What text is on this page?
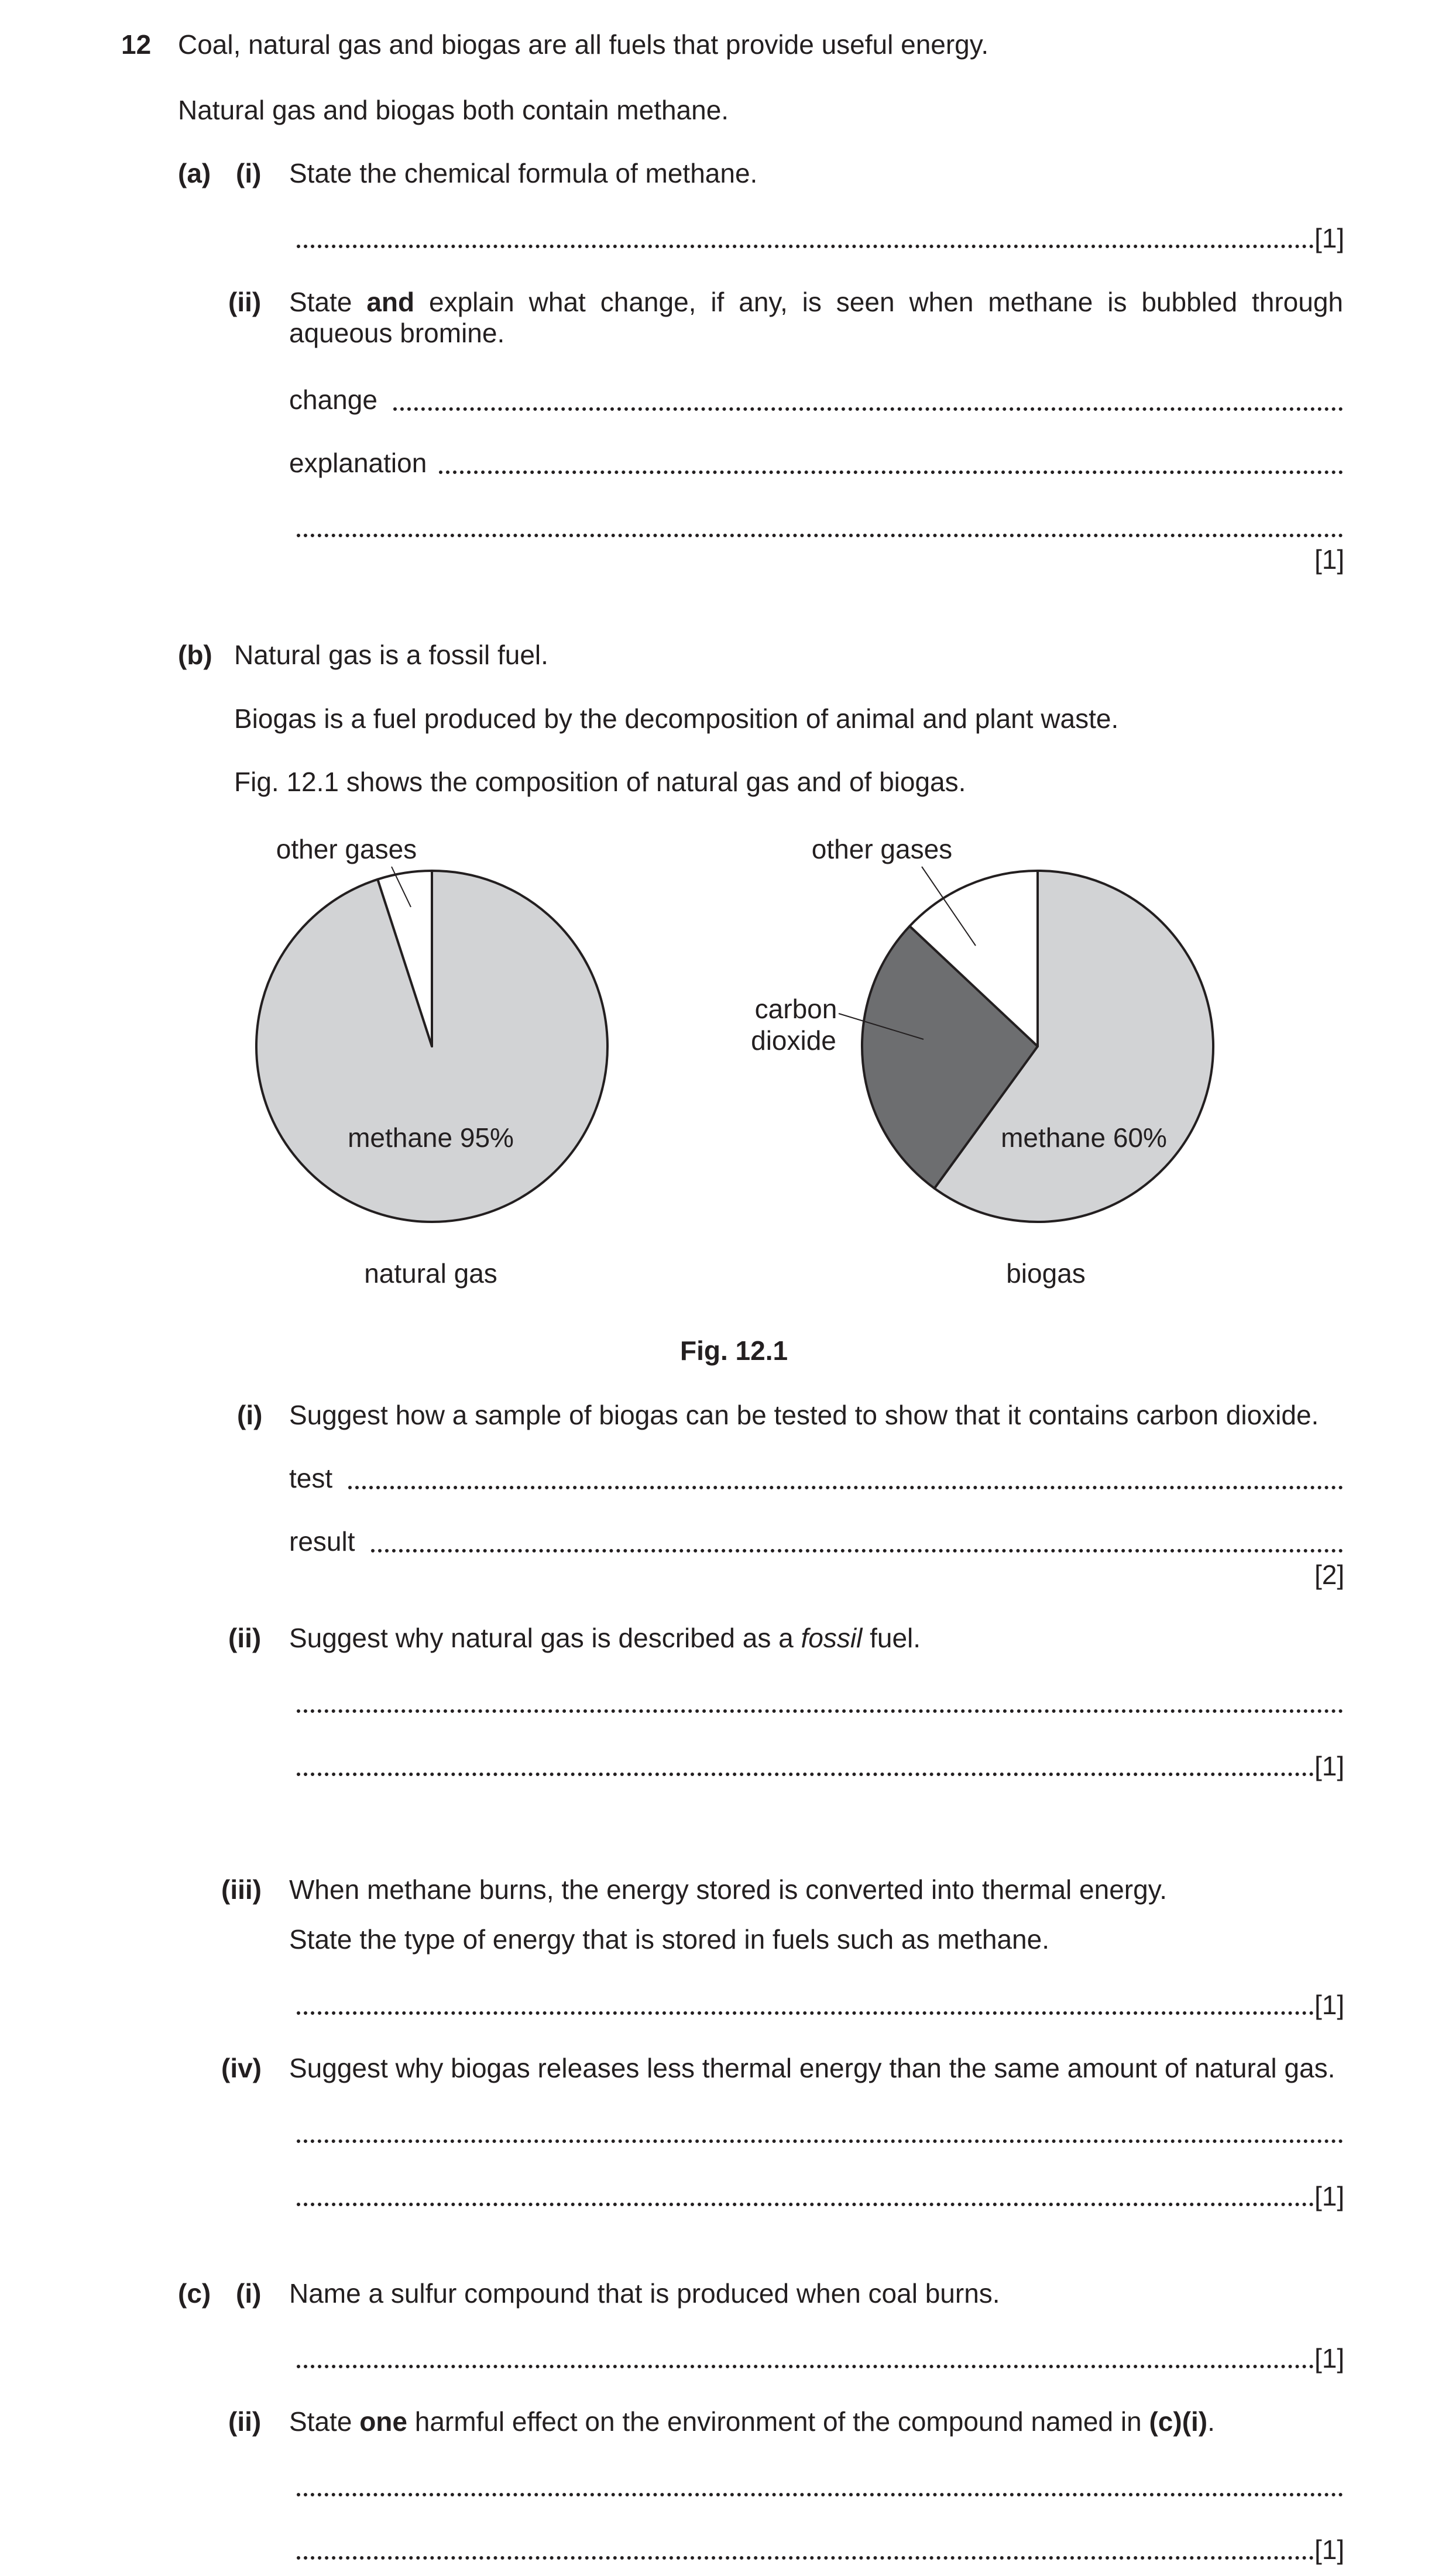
12 Coal, natural gas and biogas are all fuels that provide useful energy.
Natural gas and biogas both contain methane.
(a) (i) State the chemical formula of methane.
[1]
(ii) State and explain what change, if any, is seen when methane is bubbled through aqueous bromine.
change
explanation
[1]
(b) Natural gas is a fossil fuel.
Biogas is a fuel produced by the decomposition of animal and plant waste.
Fig. 12.1 shows the composition of natural gas and of biogas.
other gases
methane 95%
natural gas
other gases
carbon
dioxide
methane 60%
biogas
Fig. 12.1
(i) Suggest how a sample of biogas can be tested to show that it contains carbon dioxide.
test
result
[2]
(ii) Suggest why natural gas is described as a fossil fuel.
[1]
(iii) When methane burns, the energy stored is converted into thermal energy.
State the type of energy that is stored in fuels such as methane.
[1]
(iv) Suggest why biogas releases less thermal energy than the same amount of natural gas.
[1]
(c) (i) Name a sulfur compound that is produced when coal burns.
[1]
(ii) State one harmful effect on the environment of the compound named in (c)(i).
[1]
